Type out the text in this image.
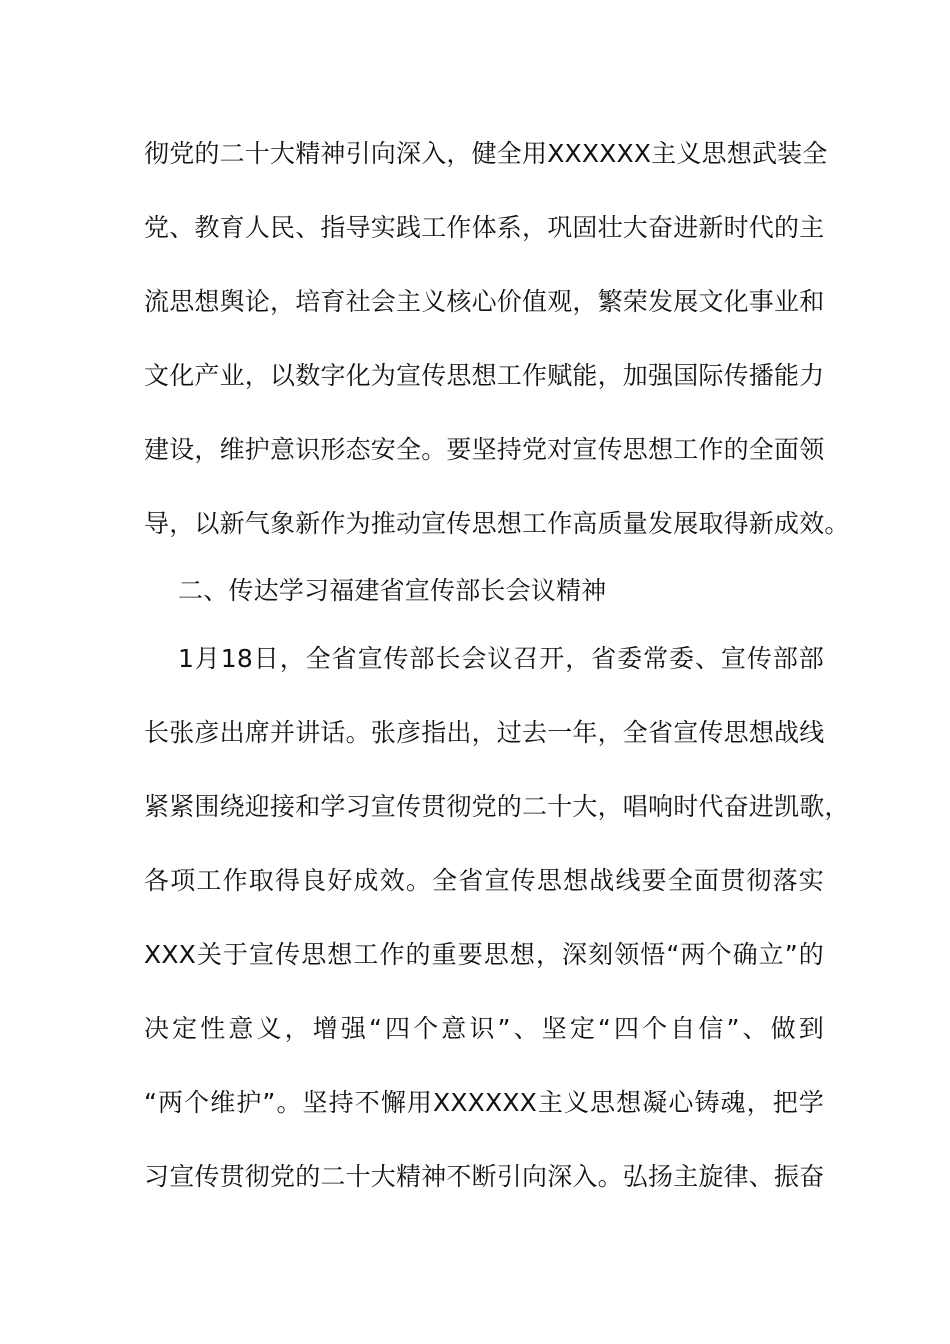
彻党的二十大精神引向深入，健全用XXXXXX主义思想武装全
党、教育人民、指导实践工作体系，巩固壮大奋进新时代的主
流思想舆论，培育社会主义核心价值观，繁荣发展文化事业和
文化产业，以数字化为宣传思想工作赋能，加强国际传播能力
建设，维护意识形态安全。要坚持党对宣传思想工作的全面领
导，以新气象新作为推动宣传思想工作高质量发展取得新成效。
二、传达学习福建省宣传部长会议精神
1月18日，全省宣传部长会议召开，省委常委、宣传部部
长张彦出席并讲话。张彦指出，过去一年，全省宣传思想战线
紧紧围绕迎接和学习宣传贯彻党的二十大，唱响时代奋进凯歌，
各项工作取得良好成效。全省宣传思想战线要全面贯彻落实
XXX关于宣传思想工作的重要思想，深刻领悟“两个确立”的
决定性意义，增强“四个意识”、坚定“四个自信”、做到
“两个维护”。坚持不懈用XXXXXX主义思想凝心铸魂，把学
习宣传贯彻党的二十大精神不断引向深入。弘扬主旋律、振奋
